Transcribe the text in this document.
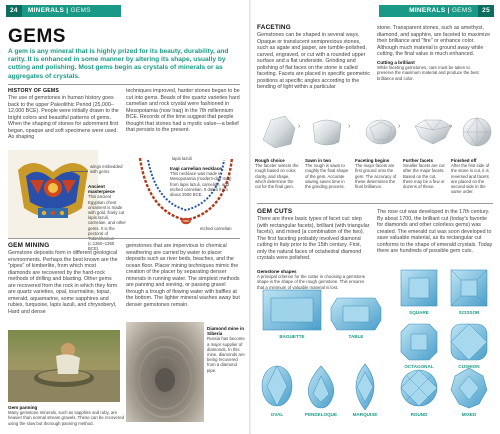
24 MINERALS | GEMS
GEMS
A gem is any mineral that is highly prized for its beauty, durability, and rarity. It is enhanced in some manner by altering its shape, usually by cutting and polishing. Most gems begin as crystals of minerals or as aggregates of crystals.
HISTORY OF GEMS
The use of gemstones in human history goes back to the upper Paleolithic Period (25,000–12,000 BCE). People were initially drawn to the bright colors and beautiful patterns of gems. When the shaping of stones for adornment first began, opaque and soft specimens were used. As shaping
techniques improved, harder stones began to be cut into gems. Beads of the quartz varieties hard carnelian and rock crystal were fashioned in Mesopotamia (now Iraq) in the 7th millennium BCE. Records of the time suggest that people thought that stones had a mystic value—a belief that persists to the present.
wings embedded with gems
Ancient masterpiece
This ancient Egyptian chest ornament is made with gold, finely cut lapis lazuli, carnelian, and other gems. It is the pectoral of Tutankhamun (c.1360–1350 BCE).
lapis lazuli
Iraqi carnelian necklace
This necklace was made in Mesopotamia (modern-day Iraq) from lapis lazuli, carnelian, and etched carnelian. It dates from about 2500 BCE.
etched carnelian
GEM MINING
Gemstone deposits form in different geological environments. Perhaps the best known are the "pipes" of kimberlite, from which most diamonds are recovered by the hard-rock methods of drilling and blasting. Other gems are recovered from the rock in which they form are quartz varieties, opal, tourmaline, topaz, emerald, aquamarine, some sapphires and rubies, turquoise, lapis lazuli, and chrysoberyl, Hard and dense
gemstones that are impervious to chemical weathering are carried by water to placer deposits such as river beds, beaches, and the ocean floor. Placer mining techniques mimic the creation of the placer by separating denser minerals in running water. The simplest methods are panning and sieving, or passing gravel through a trough of flowing water with baffles at the bottom. The lighter mineral washes away but denser gemstones remain.
Gem panning
Many gemstone minerals, such as sapphire and ruby, are heavier than normal stream gravels. These can be recovered using the slow but thorough panning method.
Diamond mine in Siberia
Russia has become a major supplier of diamonds. In this mine, diamonds are being recovered from a diamond pipe.
MINERALS | GEMS 25
FACETING
Gemstones can be shaped in several ways. Opaque or translucent semiprecious stones, such as agate and jasper, are tumble-polished, carved, engraved, or cut with a rounded upper surface and a flat underside. Grinding and polishing of flat faces on the stone is called faceting. Facets are placed in specific geometric positions at specific angles according to the bending of light within a particular
stone. Transparent stones, such as amethyst, diamond, and sapphire, are faceted to maximize their brilliance and "fire" or enhance color. Although much material is ground away while cutting, the final value is much enhanced.
Cutting a brilliant
While faceting gemstones, care must be taken to preserve the maximum material and produce the best brilliance and color.
›	›	›	›
Rough choice
The faceter selects the rough based on color, clarity, and shape, which determine the cut for the final gem.
Sawn in two
The rough is sawn to roughly the final shape of the gem. Accurate sawing saves time in the grinding process.
Faceting begins
The major facets are first ground onto the gem. The accuracy of these determines the final brilliance.
Further facets
Smaller facets are cut after the major facets. Based on the cut, there may be a few or dozens of these.
Finished off
After the first side of the stone is cut, it is reversed and facets are placed on the second side in the same order.
GEM CUTS
There are three basic types of facet cut: step (with rectangular facets), brilliant (with triangular facets), and mixed (a combination of the two). The first faceting probably involved diamond cutting in Italy prior to the 15th century. First, only the natural faces of octahedral diamond crystals were polished.
The rose cut was developed in the 17th century. By about 1700, the brilliant cut (today's favorite for diamonds and other colorless gems) was created. The emerald cut was soon developed to save valuable material, as its rectangular cut conforms to the shape of emerald crystals. Today there are hundreds of possible gem cuts.
Gemstone shapes
A principal criterion for the cutter in choosing a gemstone shape is the shape of the rough gemstone. This ensures that a minimum of valuable material is lost.
BAGUETTE	TABLE
SQUARE	SCISSOR
OCTAGONAL	CUSHION
OVAL	PENDELOQUE	MARQUISE	ROUND	MIXED
